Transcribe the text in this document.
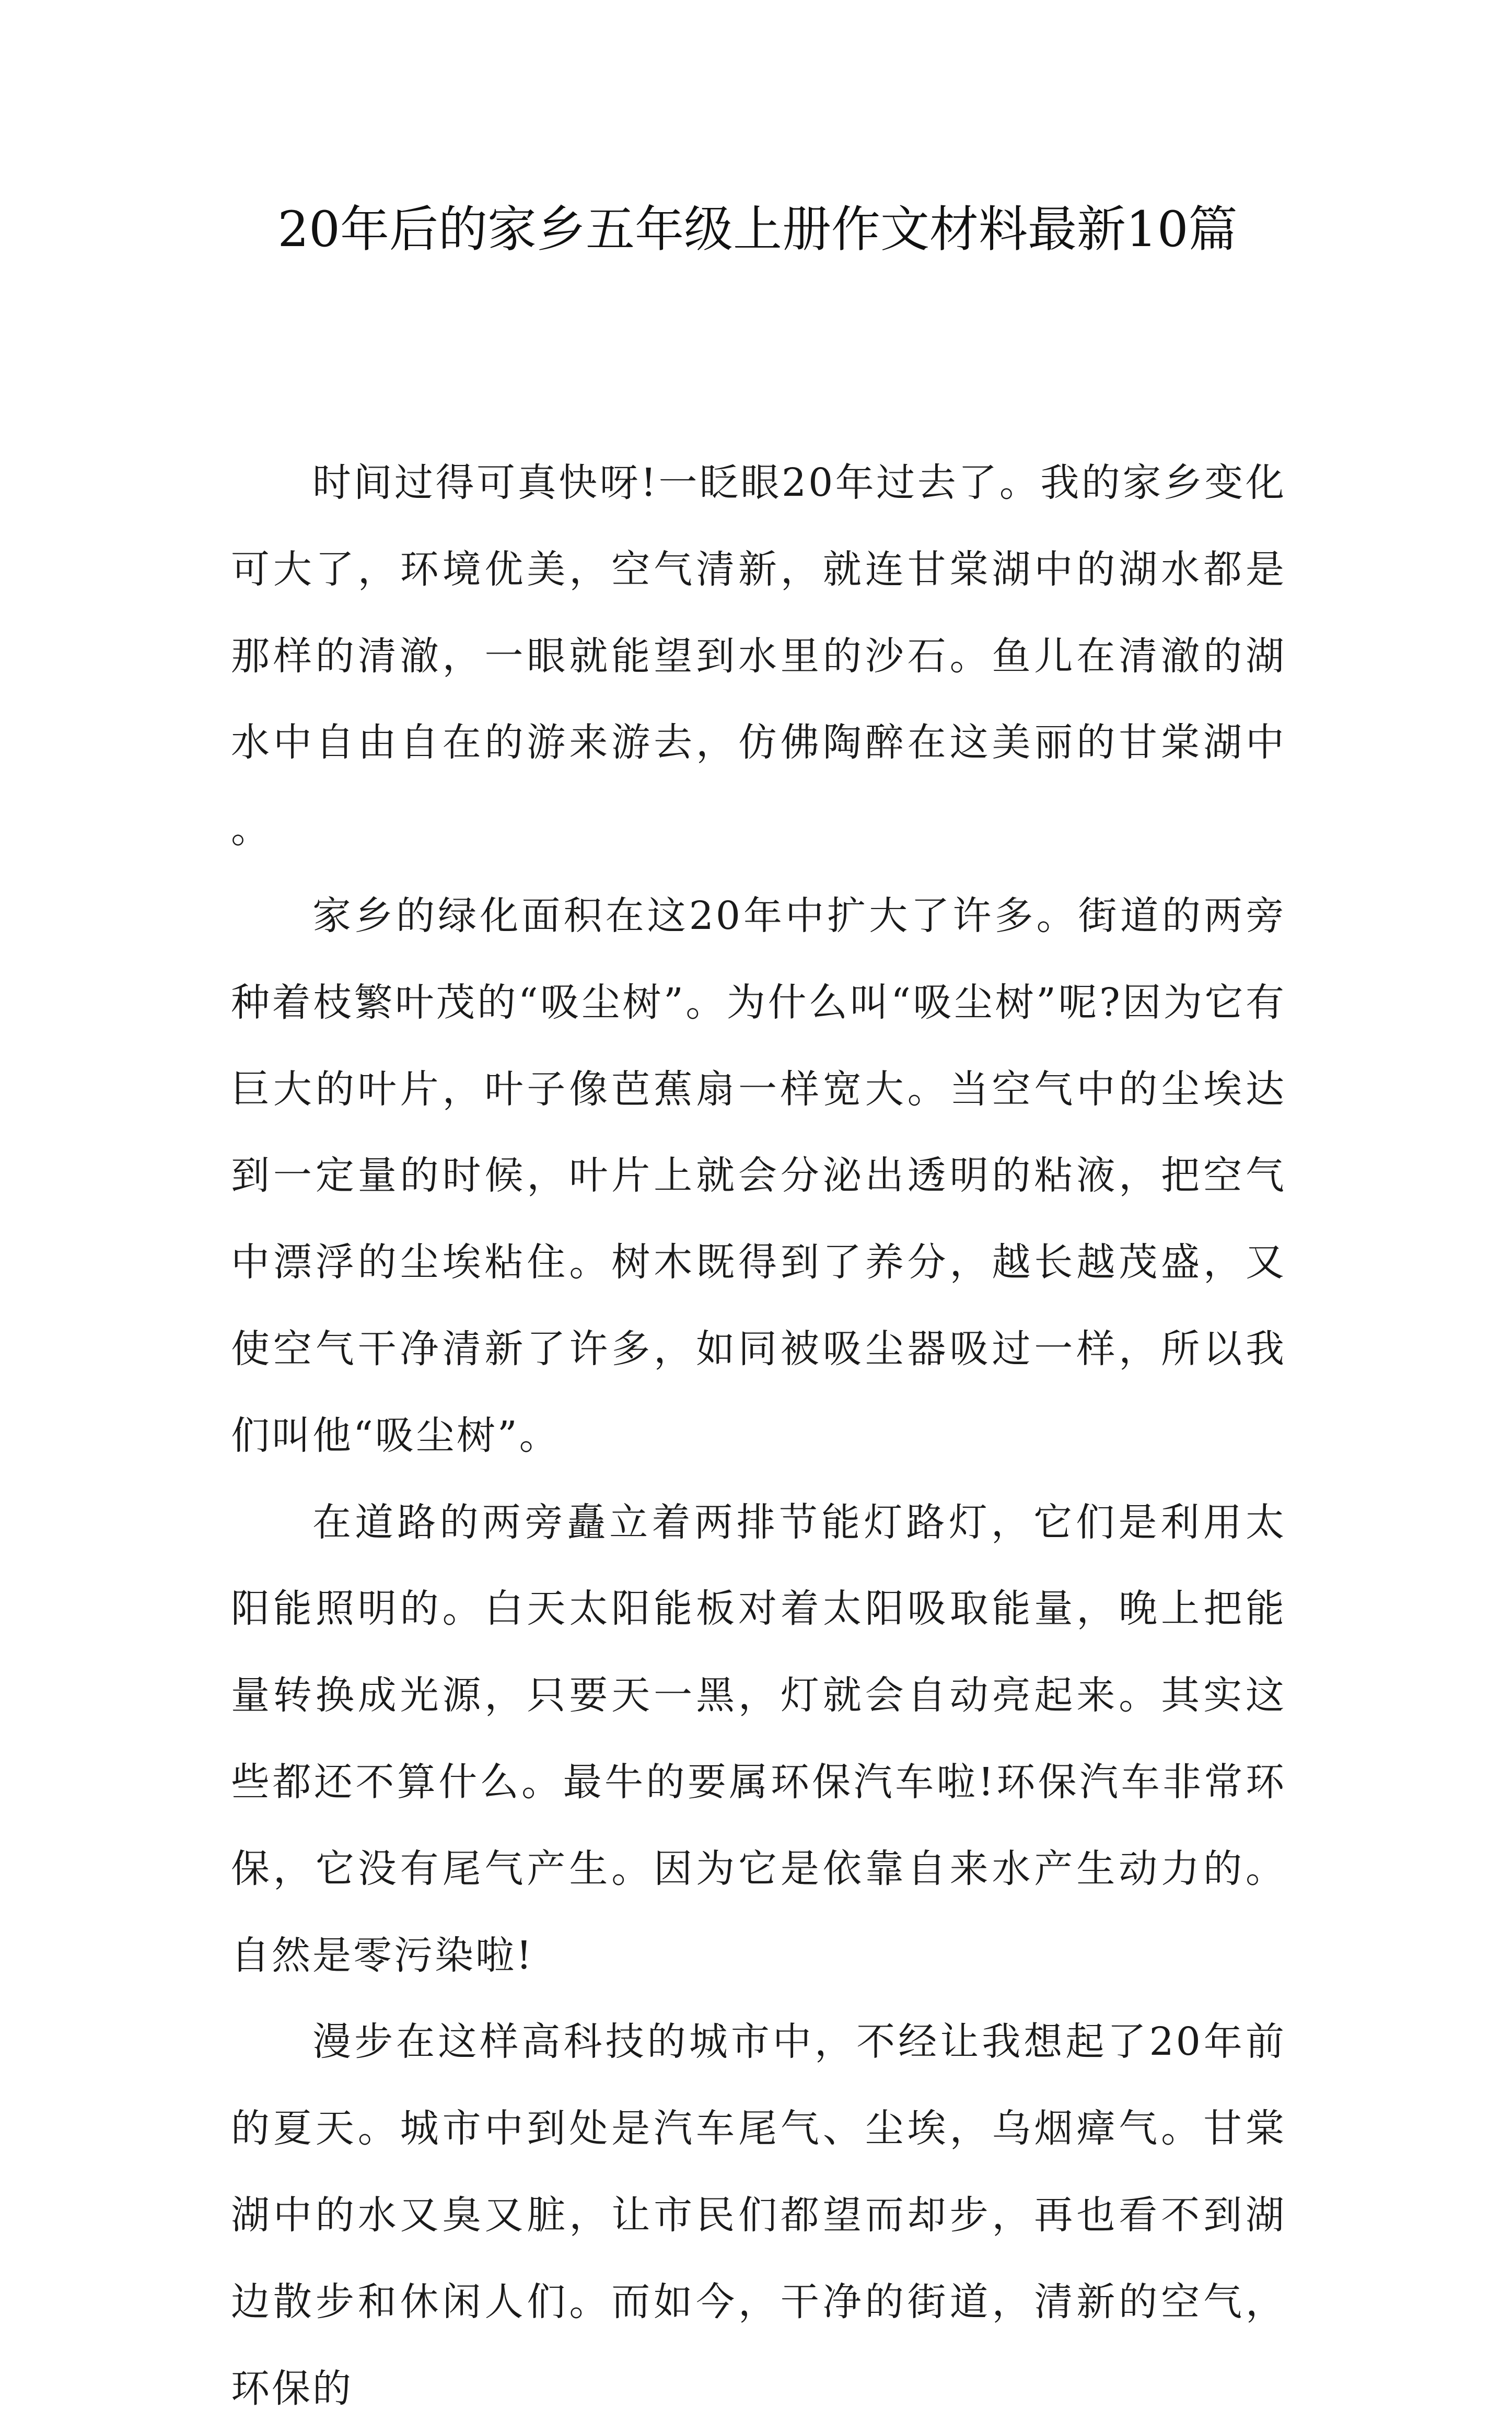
20年后的家乡五年级上册作文材料最新10篇

时间过得可真快呀!一眨眼20年过去了。我的家乡变化可大了，环境优美，空气清新，就连甘棠湖中的湖水都是那样的清澈，一眼就能望到水里的沙石。鱼儿在清澈的湖水中自由自在的游来游去，仿佛陶醉在这美丽的甘棠湖中。

家乡的绿化面积在这20年中扩大了许多。街道的两旁种着枝繁叶茂的“吸尘树”。为什么叫“吸尘树”呢?因为它有巨大的叶片，叶子像芭蕉扇一样宽大。当空气中的尘埃达到一定量的时候，叶片上就会分泌出透明的粘液，把空气中漂浮的尘埃粘住。树木既得到了养分，越长越茂盛，又使空气干净清新了许多，如同被吸尘器吸过一样，所以我们叫他“吸尘树”。

在道路的两旁矗立着两排节能灯路灯，它们是利用太阳能照明的。白天太阳能板对着太阳吸取能量，晚上把能量转换成光源，只要天一黑，灯就会自动亮起来。其实这些都还不算什么。最牛的要属环保汽车啦!环保汽车非常环保，它没有尾气产生。因为它是依靠自来水产生动力的。自然是零污染啦!

漫步在这样高科技的城市中，不经让我想起了20年前的夏天。城市中到处是汽车尾气、尘埃，乌烟瘴气。甘棠湖中的水又臭又脏，让市民们都望而却步，再也看不到湖边散步和休闲人们。而如今，干净的街道，清新的空气，环保的
